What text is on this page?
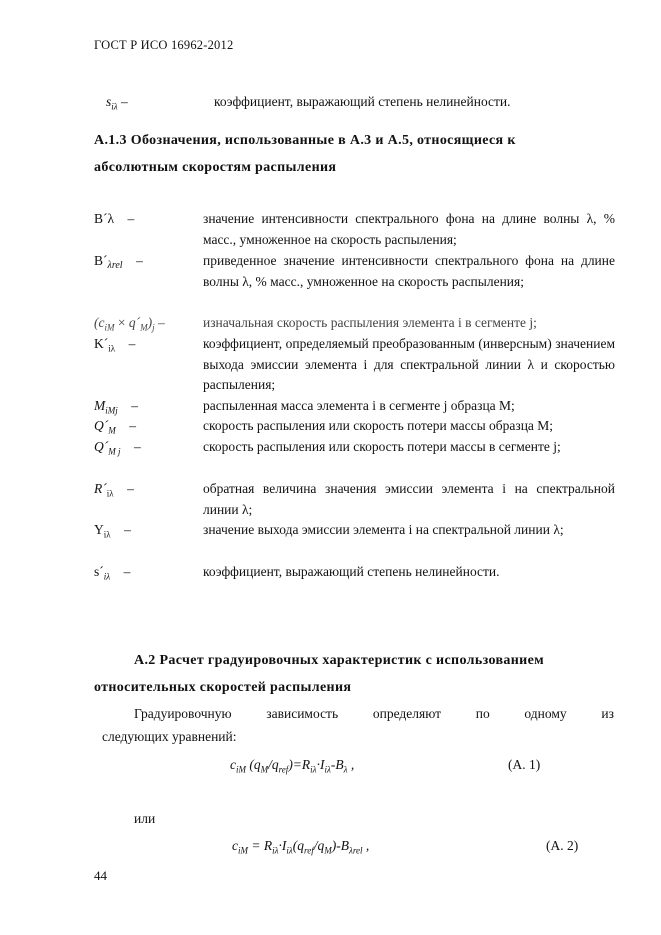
ГОСТ Р ИСО 16962-2012
$s_{i\lambda}$ –	коэффициент, выражающий степень нелинейности.
А.1.3 Обозначения, использованные в А.3 и А.5, относящиеся к
абсолютным скоростям распыления
B´λ    –	значение интенсивности спектрального фона на длине волны λ, % масс., умноженное на скорость распыления;
$B´_{\lambda rel}$    –	приведенное значение интенсивности спектрального фона на длине волны λ, % масс., умноженное на скорость распыления;
($c_{iM}$ × $q´_M)_j$ –	изначальная скорость распыления элемента i в сегменте j;
$K´_{i\lambda}$    –	коэффициент, определяемый преобразованным (инверсным) значением выхода эмиссии элемента i для спектральной линии λ и скоростью распыления;
$M_{iMj}$    –	распыленная масса элемента i в сегменте j образца M;
$Q´_M$    –	скорость распыления или скорость потери массы образца M;
$Q´_{M j}$    –	скорость распыления или скорость потери массы в сегменте j;
$R´_{i\lambda}$    –	обратная величина значения эмиссии элемента i на спектральной линии λ;
$Y_{i\lambda}$    –	значение выхода эмиссии элемента i на спектральной линии λ;
$s´_{i\lambda}$    –	коэффициент, выражающий степень нелинейности.
А.2 Расчет градуировочных характеристик с использованием
относительных скоростей распыления
Градуировочную	зависимость	определяют	по	одному	из
следующих уравнений:
$c_{iM}$ $(q_M/q_{ref})=R_{i\lambda}\cdot I_{i\lambda}-B_\lambda$ ,	(А. 1)
или
$c_{iM} = R_{i\lambda}\cdot I_{i\lambda}(q_{ref}/q_M)-B_{\lambda rel}$ ,	(А. 2)
44
